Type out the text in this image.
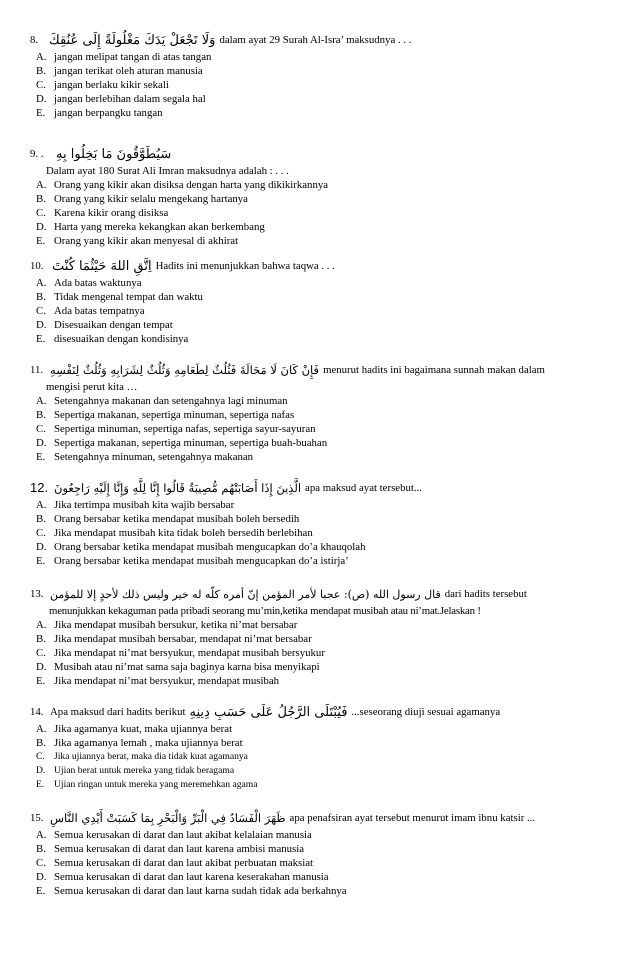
8. وَلَا تَجْعَلْ يَدَكَ مَغْلُولَةً إِلَى عُنُقِكَ dalam ayat 29 Surah Al-Isra’ maksudnya . . .
A. jangan melipat tangan di atas tangan
B. jangan terikat oleh aturan manusia
C. jangan berlaku kikir sekali
D. jangan berlebihan dalam segala hal
E. jangan berpangku tangan
9. . سَيُطَوَّقُونَ مَا بَخِلُوا بِهِ
Dalam ayat 180 Surat Ali Imran maksudnya adalah : . . .
A. Orang yang kikir akan disiksa dengan harta yang dikikirkannya
B. Orang yang kikir selalu mengekang hartanya
C. Karena kikir orang disiksa
D. Harta yang mereka kekangkan akan berkembang
E. Orang yang kikir akan menyesal di akhirat
10. اِتَّقِ اللهَ حَيْثُمَا كُنْتَ Hadits ini menunjukkan bahwa taqwa . . .
A. Ada batas waktunya
B. Tidak mengenal tempat dan waktu
C. Ada batas tempatnya
D. Disesuaikan dengan tempat
E. disesuaikan dengan kondisinya
11. فَإِنْ كَانَ لَا مَحَالَةَ فَثُلُثٌ لِطَعَامِهِ وَثُلُثٌ لِشَرَابِهِ وَثُلُثٌ لِنَفْسِهِ menurut hadits ini bagaimana sunnah makan dalam
mengisi perut kita …
A. Setengahnya makanan dan setengahnya lagi minuman
B. Sepertiga makanan, sepertiga minuman, sepertiga nafas
C. Sepertiga minuman, sepertiga nafas, sepertiga sayur-sayuran
D. Sepertiga makanan, sepertiga minuman, sepertiga buah-buahan
E. Setengahnya minuman, setengahnya makanan
12. الَّذِينَ إِذَا أَصَابَتْهُم مُّصِيبَةٌ قَالُوا إِنَّا لِلَّهِ وَإِنَّا إِلَيْهِ رَاجِعُونَ apa maksud ayat tersebut...
A. Jika tertimpa musibah kita wajib bersabar
B. Orang bersabar ketika mendapat musibah boleh bersedih
C. Jika mendapat musibah kita tidak boleh bersedih berlebihan
D. Orang bersabar ketika mendapat musibah mengucapkan do’a khauqolah
E. Orang bersabar ketika mendapat musibah mengucapkan do’a istirja’
13. قال رسول الله (ص): عجبا لأمر المؤمن إنّ أمره كلّه له خير وليس ذلك لأحدٍ إلا للمؤمن dari hadits tersebut
menunjukkan kekaguman pada pribadi seorang mu’min,ketika mendapat musibah atau ni’mat.Jelaskan !
A. Jika mendapat musibah bersukur, ketika ni’mat bersabar
B. Jika mendapat musibah bersabar, mendapat ni’mat bersabar
C. Jika mendapat ni’mat bersyukur, mendapat musibah bersyukur
D. Musibah atau ni’mat sama saja baginya karna bisa menyikapi
E. Jika mendapat ni’mat bersyukur, mendapat musibah
14. Apa maksud dari hadits berikut فَيُبْتَلَى الرَّجُلُ عَلَى حَسَبِ دِينِهِ ...seseorang diuji sesuai agamanya
A. Jika agamanya kuat, maka ujiannya berat
B. Jika agamanya lemah , maka ujiannya berat
C. Jika ujiannya berat, maka dia tidak kuat agamanya
D. Ujian berat untuk mereka yang tidak beragama
E.	Ujian ringan untuk mereka yang meremehkan agama
15. ظَهَرَ الْفَسَادُ فِي الْبَرِّ وَالْبَحْرِ بِمَا كَسَبَتْ أَيْدِي النَّاسِ apa penafsiran ayat tersebut menurut imam ibnu katsir ...
A. Semua kerusakan di darat dan laut akibat kelalaian manusia
B. Semua kerusakan di darat dan laut karena ambisi manusia
C. Semua kerusakan di darat dan laut akibat perbuatan maksiat
D. Semua kerusakan di darat dan laut karena keserakahan manusia
E. Semua kerusakan di darat dan laut karna sudah tidak ada berkahnya
